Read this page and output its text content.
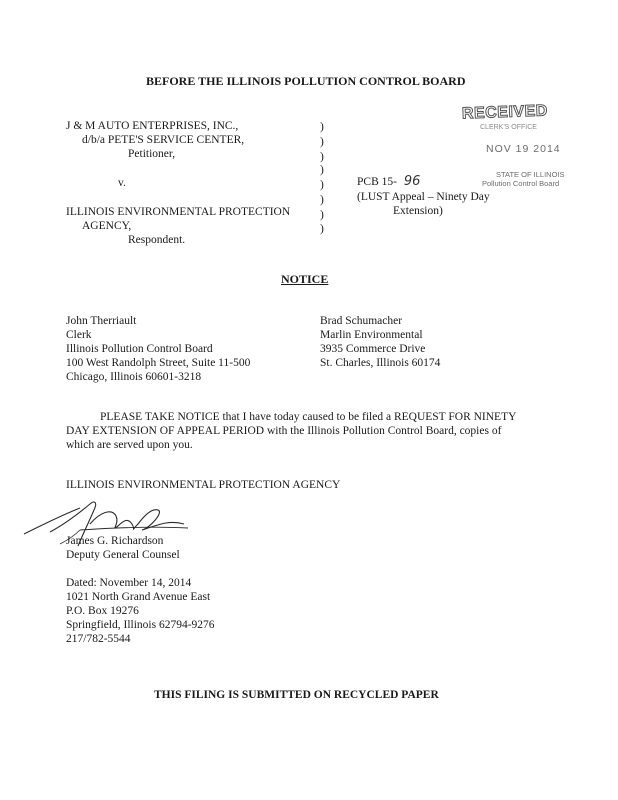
BEFORE THE ILLINOIS POLLUTION CONTROL BOARD
J & M AUTO ENTERPRISES, INC.,
d/b/a PETE'S SERVICE CENTER,
Petitioner,
v.
ILLINOIS ENVIRONMENTAL PROTECTION
AGENCY,
Respondent.
)
)
)
)
)
)
)
)
PCB 15- 96
(LUST Appeal – Ninety Day
Extension)
RECEIVED
CLERK'S OFFICE
NOV 19 2014
STATE OF ILLINOIS
Pollution Control Board
NOTICE
John Therriault
Clerk
Illinois Pollution Control Board
100 West Randolph Street, Suite 11-500
Chicago, Illinois 60601-3218
Brad Schumacher
Marlin Environmental
3935 Commerce Drive
St. Charles, Illinois 60174
PLEASE TAKE NOTICE that I have today caused to be filed a REQUEST FOR NINETY
DAY EXTENSION OF APPEAL PERIOD with the Illinois Pollution Control Board, copies of
which are served upon you.
ILLINOIS ENVIRONMENTAL PROTECTION AGENCY
James G. Richardson
Deputy General Counsel
Dated: November 14, 2014
1021 North Grand Avenue East
P.O. Box 19276
Springfield, Illinois 62794-9276
217/782-5544
THIS FILING IS SUBMITTED ON RECYCLED PAPER
